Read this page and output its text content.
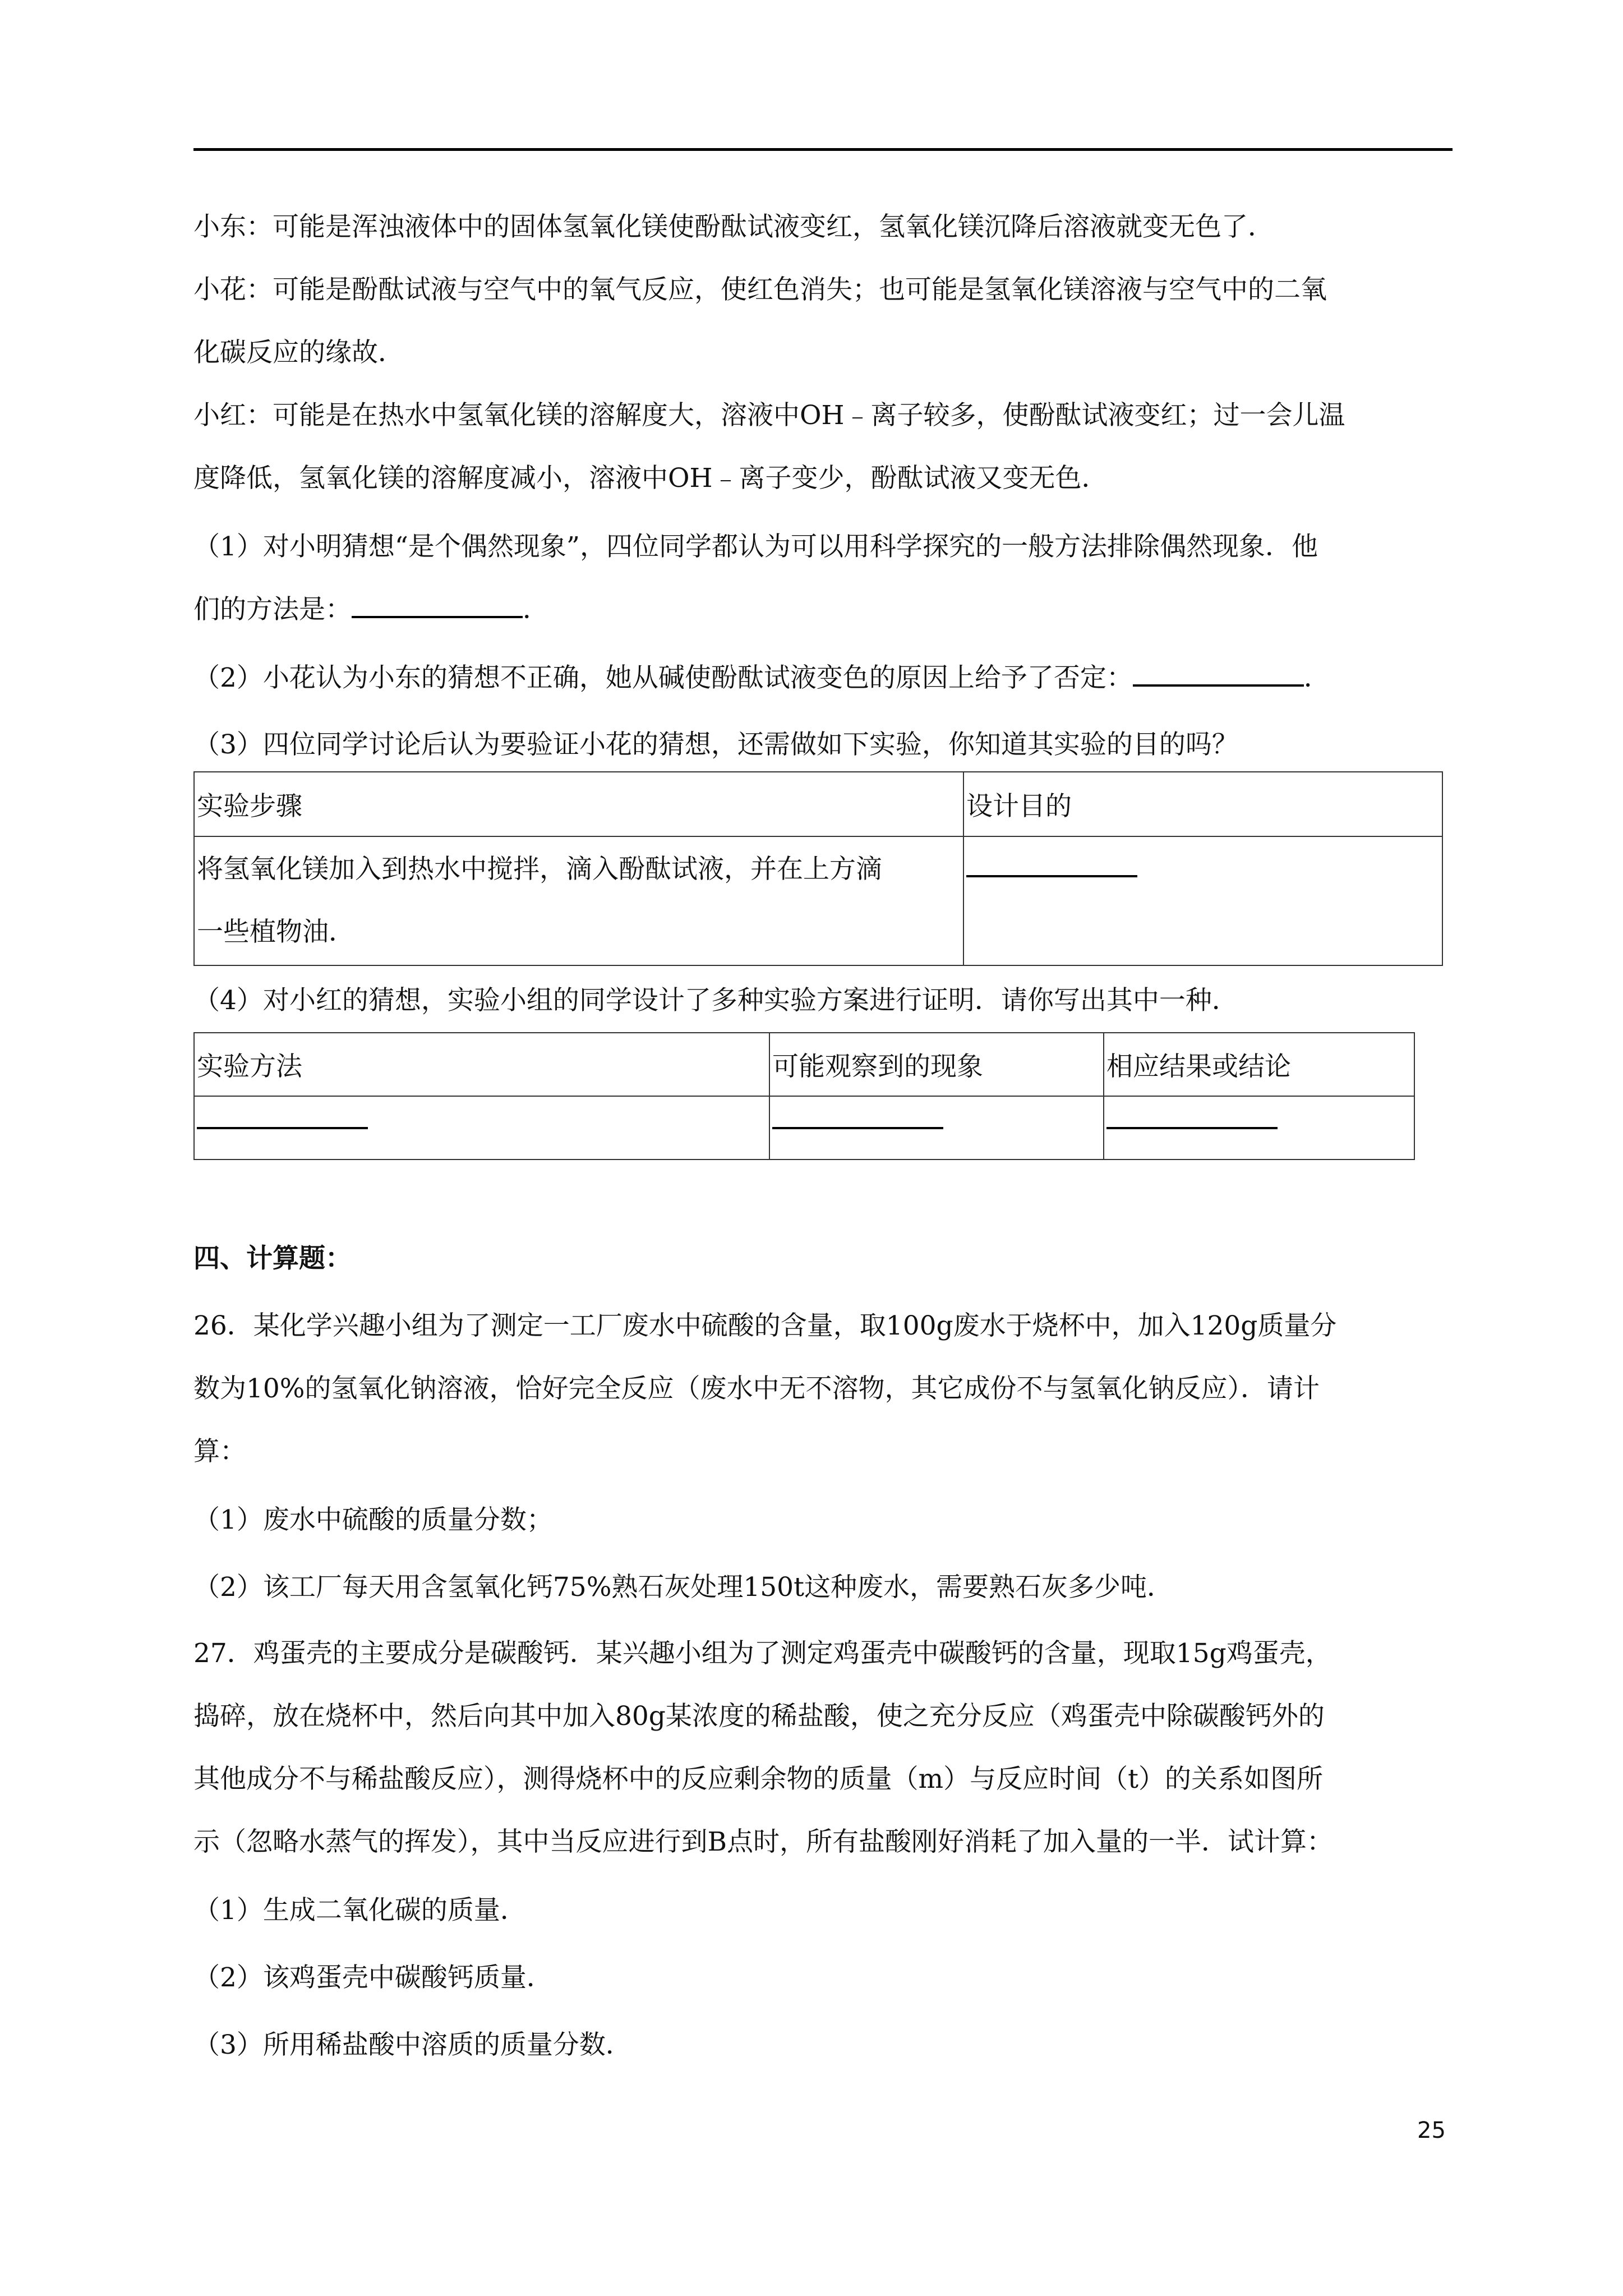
小东：可能是浑浊液体中的固体氢氧化镁使酚酞试液变红，氢氧化镁沉降后溶液就变无色了．
小花：可能是酚酞试液与空气中的氧气反应，使红色消失；也可能是氢氧化镁溶液与空气中的二氧
化碳反应的缘故．
小红：可能是在热水中氢氧化镁的溶解度大，溶液中OH﹣离子较多，使酚酞试液变红；过一会儿温
度降低，氢氧化镁的溶解度减小，溶液中OH﹣离子变少，酚酞试液又变无色．
（1）对小明猜想“是个偶然现象”，四位同学都认为可以用科学探究的一般方法排除偶然现象．他
们的方法是：	．
（2）小花认为小东的猜想不正确，她从碱使酚酞试液变色的原因上给予了否定：	．
（3）四位同学讨论后认为要验证小花的猜想，还需做如下实验，你知道其实验的目的吗？
实验步骤	设计目的

将氢氧化镁加入到热水中搅拌，滴入酚酞试液，并在上方滴
一些植物油．	

（4）对小红的猜想，实验小组的同学设计了多种实验方案进行证明．请你写出其中一种．
实验方法	可能观察到的现象	相应结果或结论

四、计算题：
26．某化学兴趣小组为了测定一工厂废水中硫酸的含量，取100g废水于烧杯中，加入120g质量分
数为10%的氢氧化钠溶液，恰好完全反应（废水中无不溶物，其它成份不与氢氧化钠反应）．请计
算：
（1）废水中硫酸的质量分数；
（2）该工厂每天用含氢氧化钙75%熟石灰处理150t这种废水，需要熟石灰多少吨．
27．鸡蛋壳的主要成分是碳酸钙．某兴趣小组为了测定鸡蛋壳中碳酸钙的含量，现取15g鸡蛋壳，
捣碎，放在烧杯中，然后向其中加入80g某浓度的稀盐酸，使之充分反应（鸡蛋壳中除碳酸钙外的
其他成分不与稀盐酸反应），测得烧杯中的反应剩余物的质量（m）与反应时间（t）的关系如图所
示（忽略水蒸气的挥发），其中当反应进行到B点时，所有盐酸刚好消耗了加入量的一半．试计算：
（1）生成二氧化碳的质量．
（2）该鸡蛋壳中碳酸钙质量．
（3）所用稀盐酸中溶质的质量分数．
25
